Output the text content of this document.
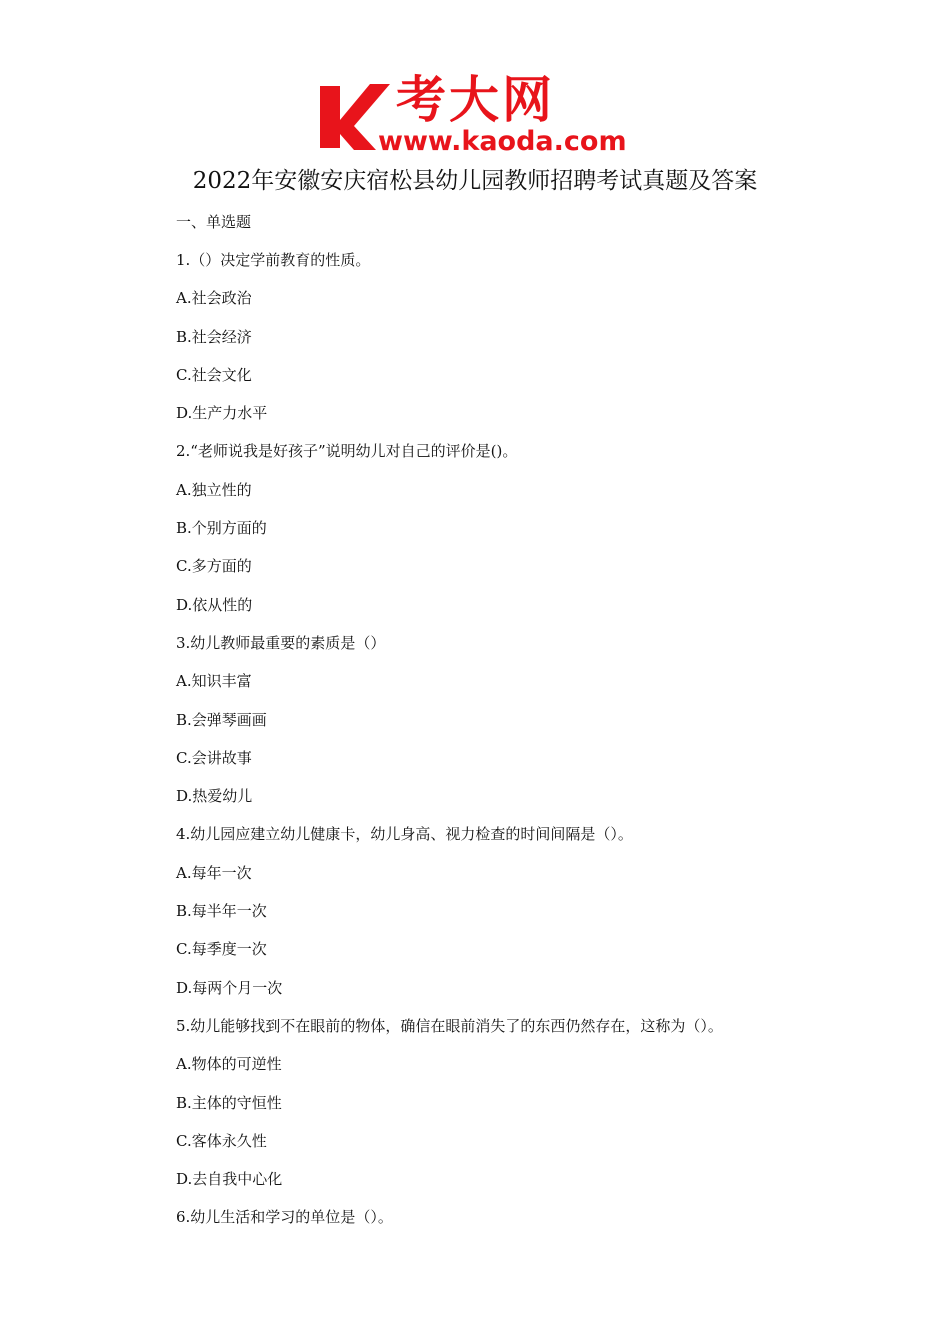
考大网
www.kaoda.com
2022年安徽安庆宿松县幼儿园教师招聘考试真题及答案
一、单选题
1.（）决定学前教育的性质。
A.社会政治
B.社会经济
C.社会文化
D.生产力水平
2.“老师说我是好孩子”说明幼儿对自己的评价是()。
A.独立性的
B.个别方面的
C.多方面的
D.依从性的
3.幼儿教师最重要的素质是（）
A.知识丰富
B.会弹琴画画
C.会讲故事
D.热爱幼儿
4.幼儿园应建立幼儿健康卡，幼儿身高、视力检查的时间间隔是（）。
A.每年一次
B.每半年一次
C.每季度一次
D.每两个月一次
5.幼儿能够找到不在眼前的物体，确信在眼前消失了的东西仍然存在，这称为（）。
A.物体的可逆性
B.主体的守恒性
C.客体永久性
D.去自我中心化
6.幼儿生活和学习的单位是（）。
